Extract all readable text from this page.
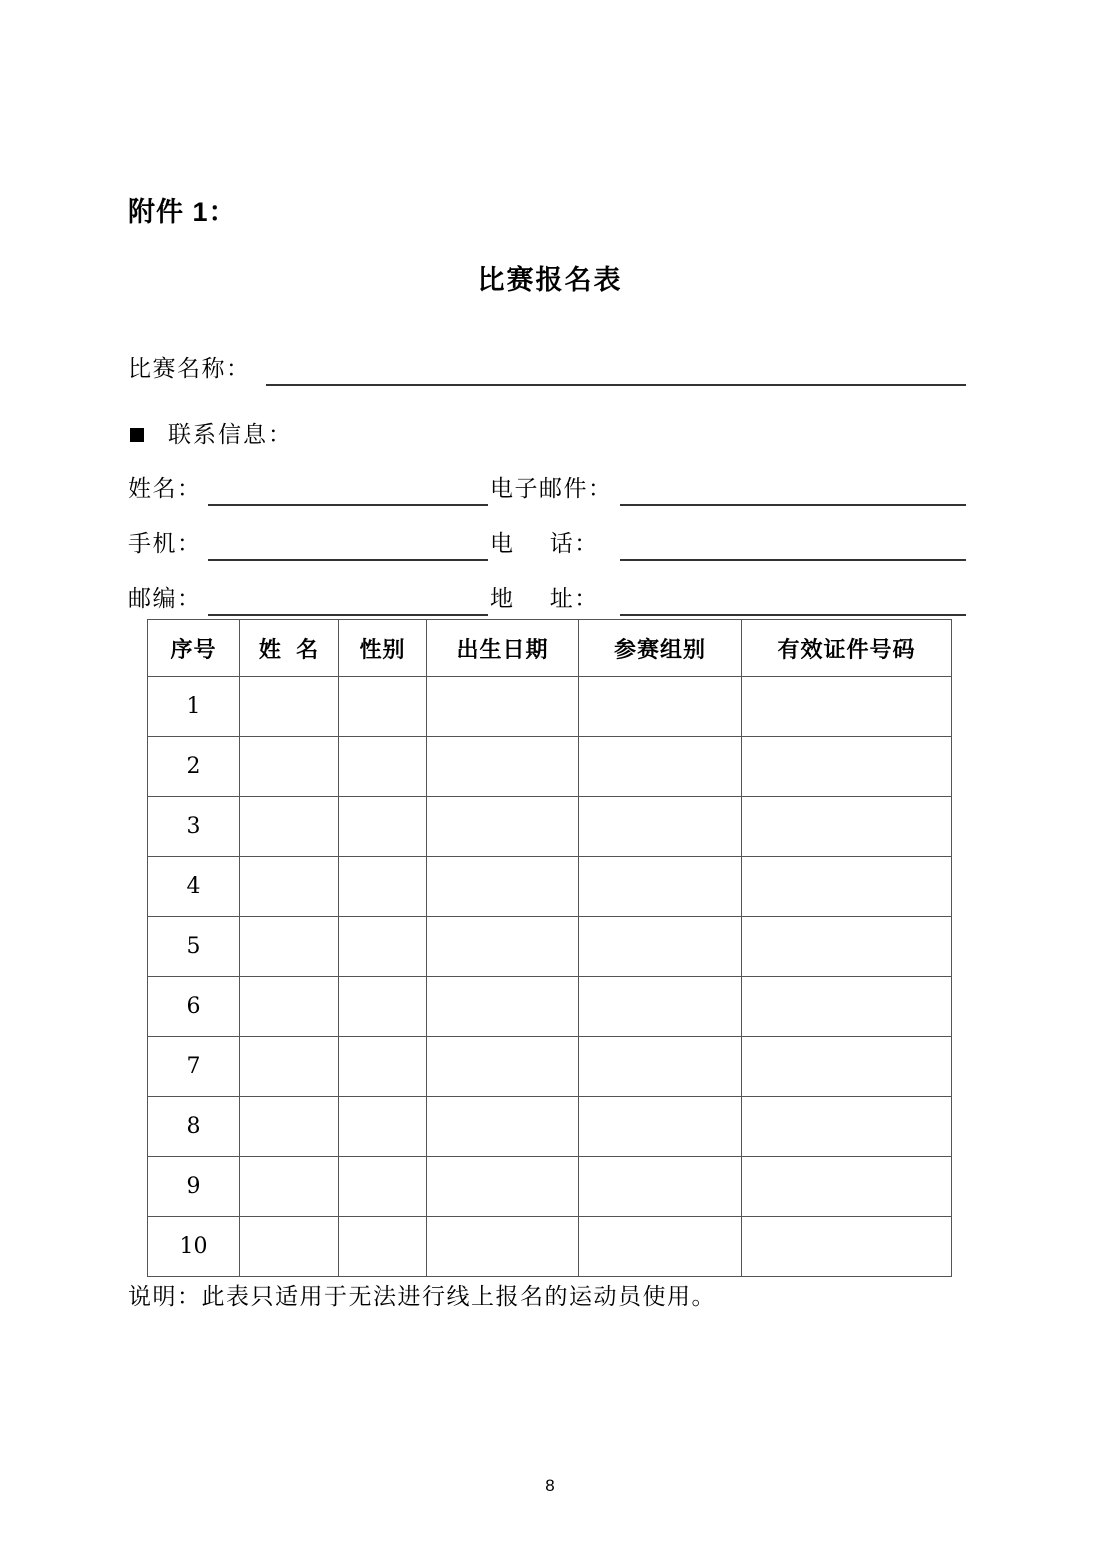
附件 1：
比赛报名表
比赛名称：
联系信息：
姓名：	电子邮件：
手机：	电    话：
邮编：	地    址：
序号	姓  名	性别	出生日期	参赛组别	有效证件号码
1					
2					
3					
4					
5					
6					
7					
8					
9					
10					
说明：此表只适用于无法进行线上报名的运动员使用。
8
